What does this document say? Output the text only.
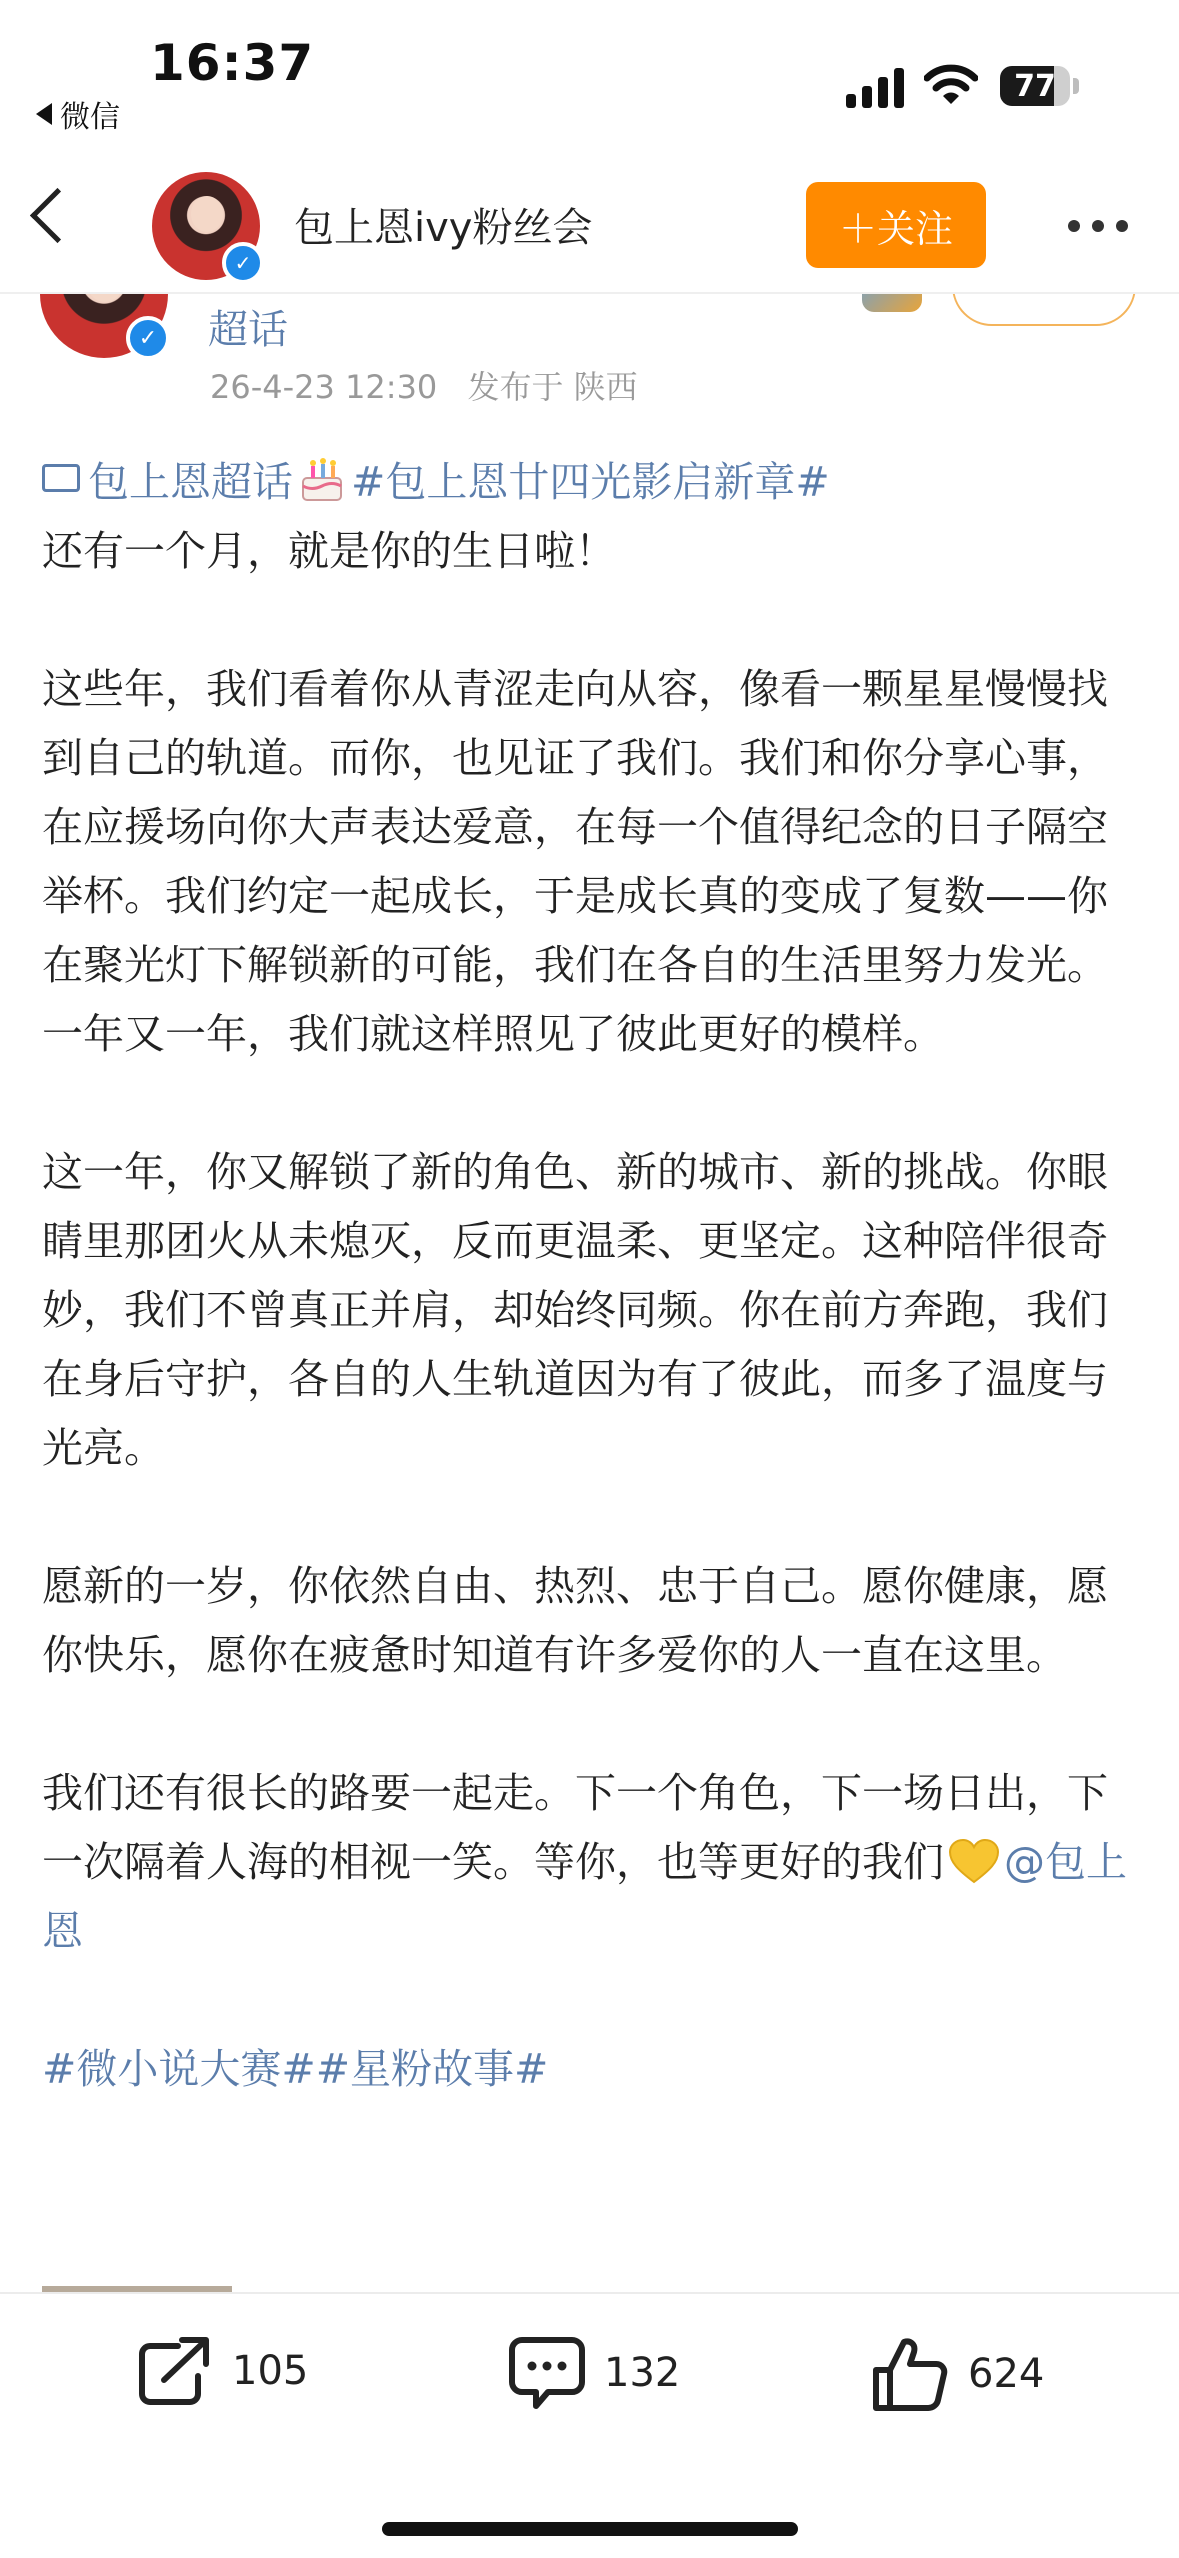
16:37
微信
77
✓	超话
26-4-23 12:30 发布于 陕西
✓
包上恩ivy粉丝会	＋关注

包上恩超话 #包上恩廿四光影启新章#

还有一个月，就是你的生日啦！

这些年，我们看着你从青涩走向从容，像看一颗星星慢慢找到自己的轨道。而你，也见证了我们。我们和你分享心事，在应援场向你大声表达爱意，在每一个值得纪念的日子隔空举杯。我们约定一起成长，于是成长真的变成了复数——你在聚光灯下解锁新的可能，我们在各自的生活里努力发光。一年又一年，我们就这样照见了彼此更好的模样。

这一年，你又解锁了新的角色、新的城市、新的挑战。你眼睛里那团火从未熄灭，反而更温柔、更坚定。这种陪伴很奇妙，我们不曾真正并肩，却始终同频。你在前方奔跑，我们在身后守护，各自的人生轨道因为有了彼此，而多了温度与光亮。

愿新的一岁，你依然自由、热烈、忠于自己。愿你健康，愿你快乐，愿你在疲惫时知道有许多爱你的人一直在这里。

我们还有很长的路要一起走。下一个角色，下一场日出，下一次隔着人海的相视一笑。等你，也等更好的我们 @包上恩

#微小说大赛##星粉故事#

105	132	624
